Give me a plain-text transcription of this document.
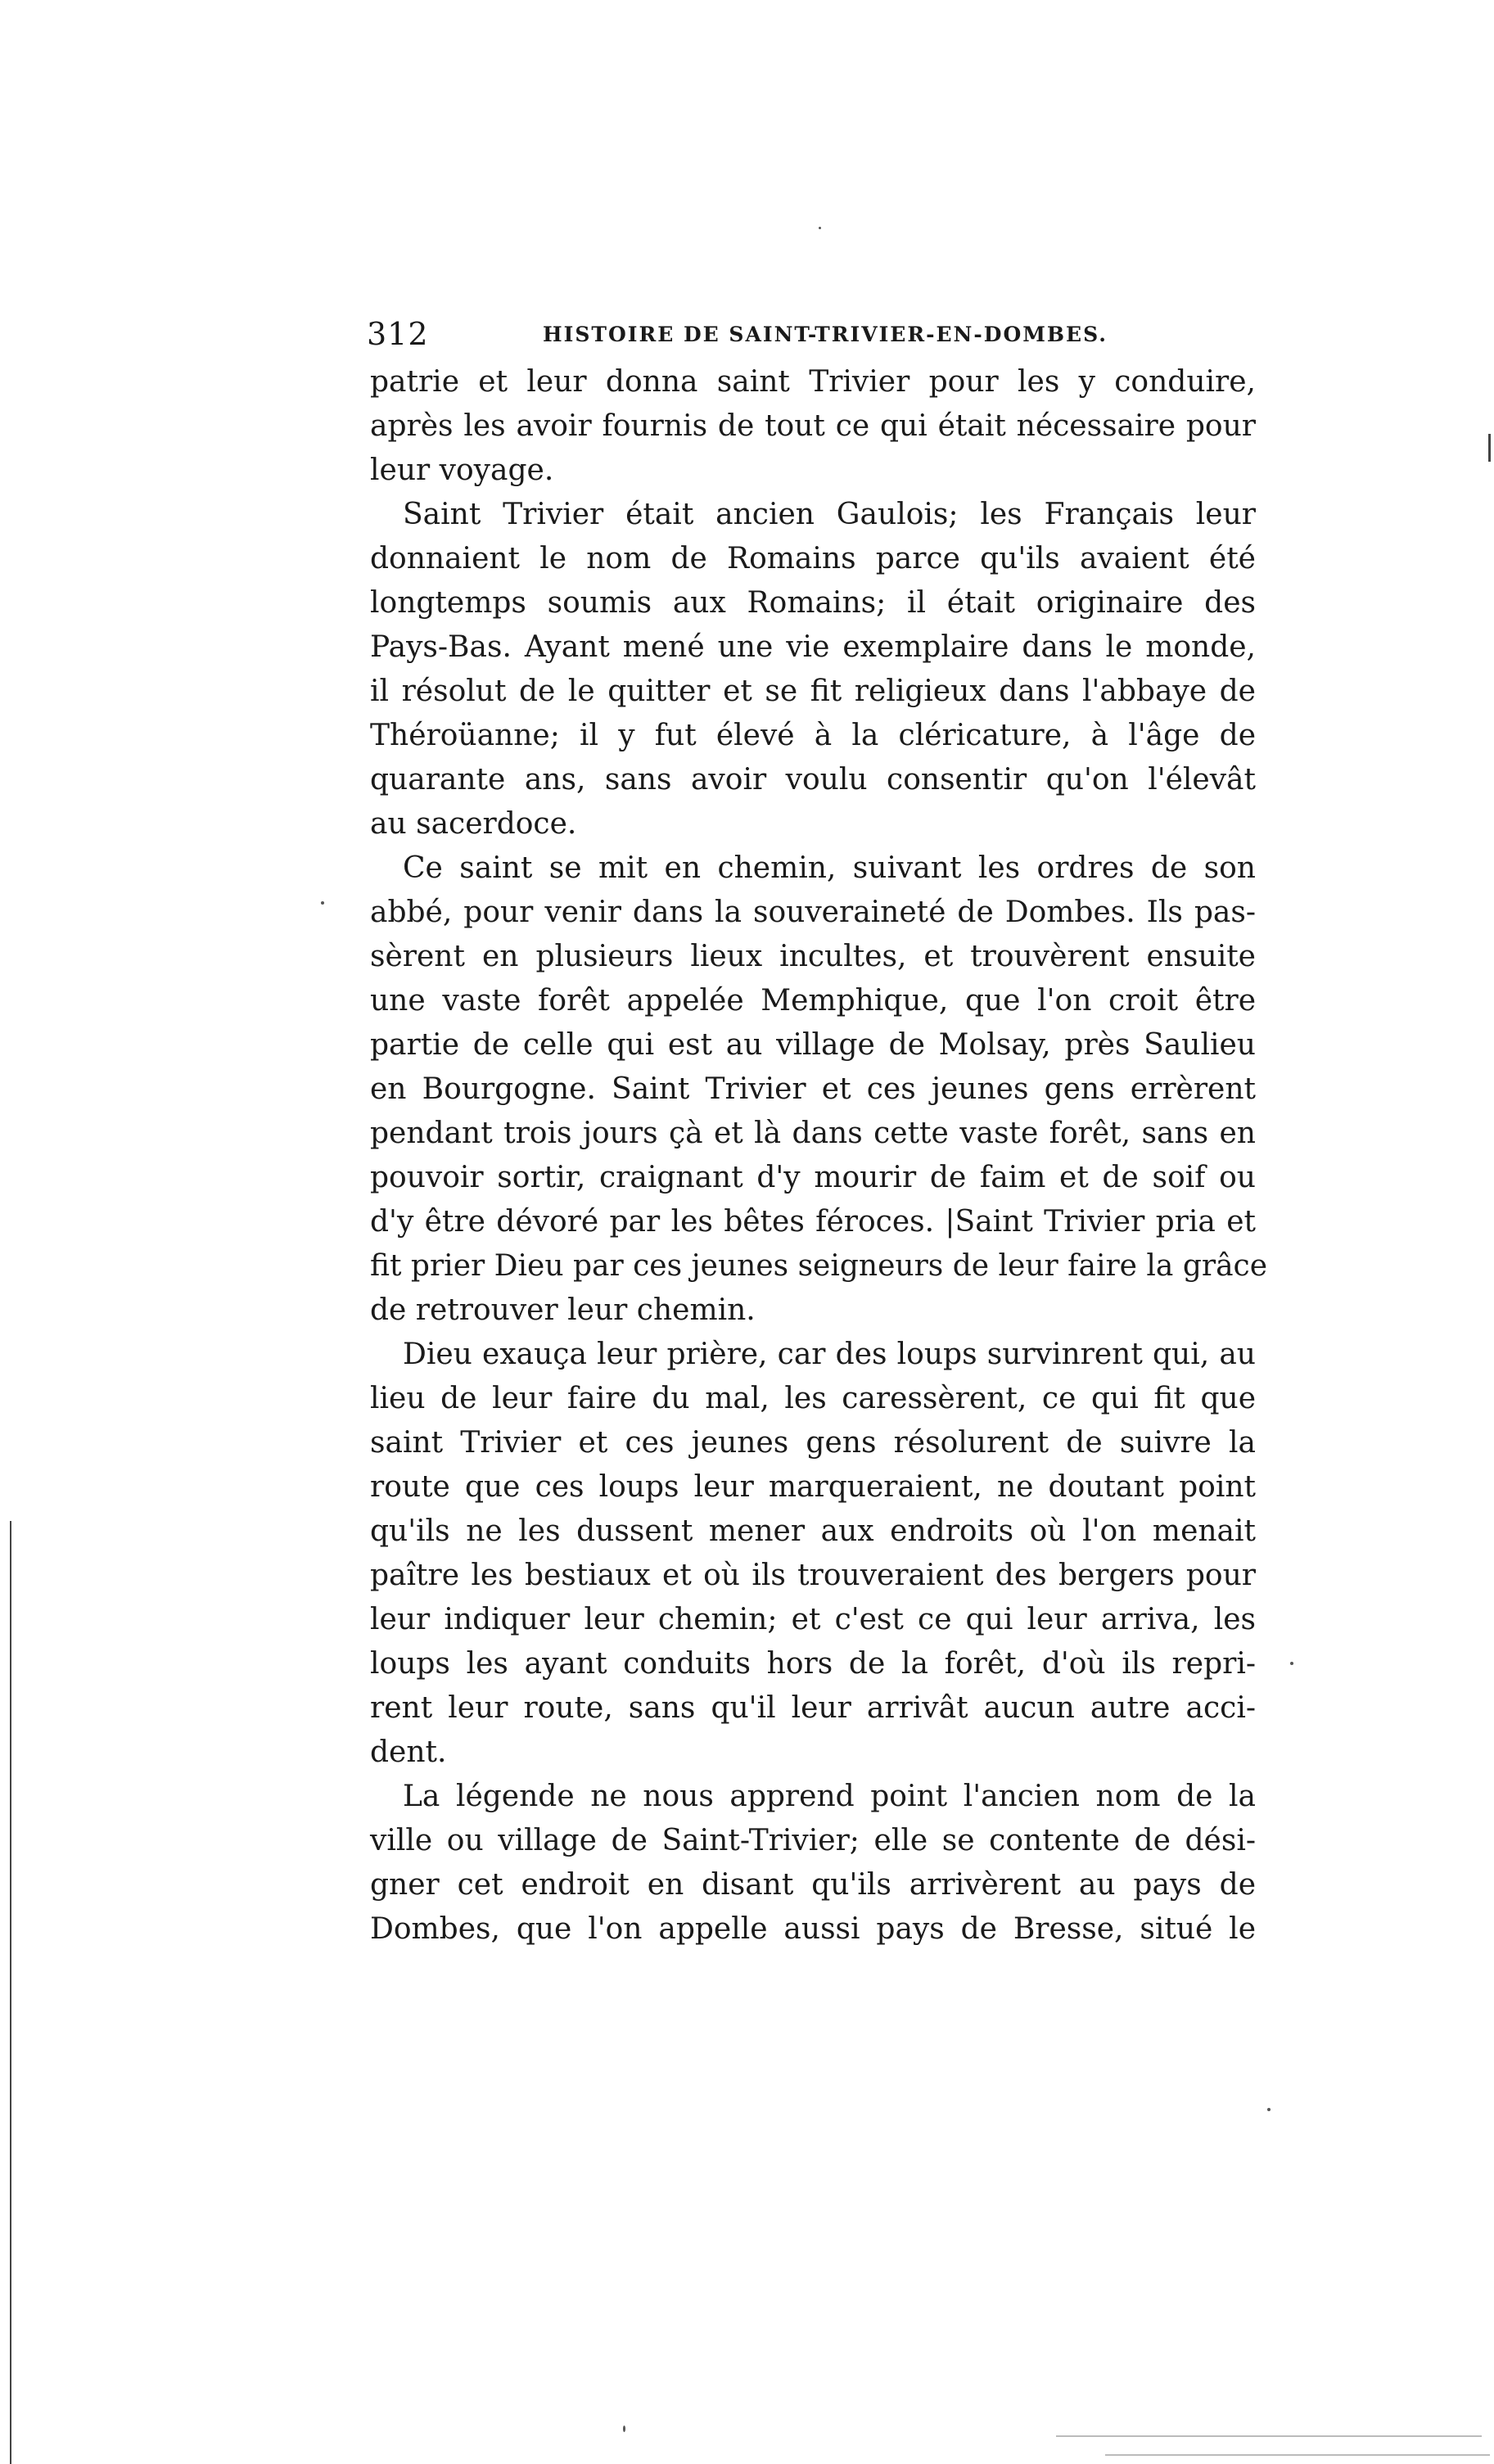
312	HISTOIRE DE SAINT-TRIVIER-EN-DOMBES.
patrie et leur donna saint Trivier pour les y conduire,
après les avoir fournis de tout ce qui était nécessaire pour
leur voyage.
Saint Trivier était ancien Gaulois; les Français leur
donnaient le nom de Romains parce qu'ils avaient été
longtemps soumis aux Romains; il était originaire des
Pays-Bas. Ayant mené une vie exemplaire dans le monde,
il résolut de le quitter et se fit religieux dans l'abbaye de
Théroüanne; il y fut élevé à la cléricature, à l'âge de
quarante ans, sans avoir voulu consentir qu'on l'élevât
au sacerdoce.
Ce saint se mit en chemin, suivant les ordres de son
abbé, pour venir dans la souveraineté de Dombes. Ils pas-
sèrent en plusieurs lieux incultes, et trouvèrent ensuite
une vaste forêt appelée Memphique, que l'on croit être
partie de celle qui est au village de Molsay, près Saulieu
en Bourgogne. Saint Trivier et ces jeunes gens errèrent
pendant trois jours çà et là dans cette vaste forêt, sans en
pouvoir sortir, craignant d'y mourir de faim et de soif ou
d'y être dévoré par les bêtes féroces. |Saint Trivier pria et
fit prier Dieu par ces jeunes seigneurs de leur faire la grâce
de retrouver leur chemin.
Dieu exauça leur prière, car des loups survinrent qui, au
lieu de leur faire du mal, les caressèrent, ce qui fit que
saint Trivier et ces jeunes gens résolurent de suivre la
route que ces loups leur marqueraient, ne doutant point
qu'ils ne les dussent mener aux endroits où l'on menait
paître les bestiaux et où ils trouveraient des bergers pour
leur indiquer leur chemin; et c'est ce qui leur arriva, les
loups les ayant conduits hors de la forêt, d'où ils repri-
rent leur route, sans qu'il leur arrivât aucun autre acci-
dent.
La légende ne nous apprend point l'ancien nom de la
ville ou village de Saint-Trivier; elle se contente de dési-
gner cet endroit en disant qu'ils arrivèrent au pays de
Dombes, que l'on appelle aussi pays de Bresse, situé le
